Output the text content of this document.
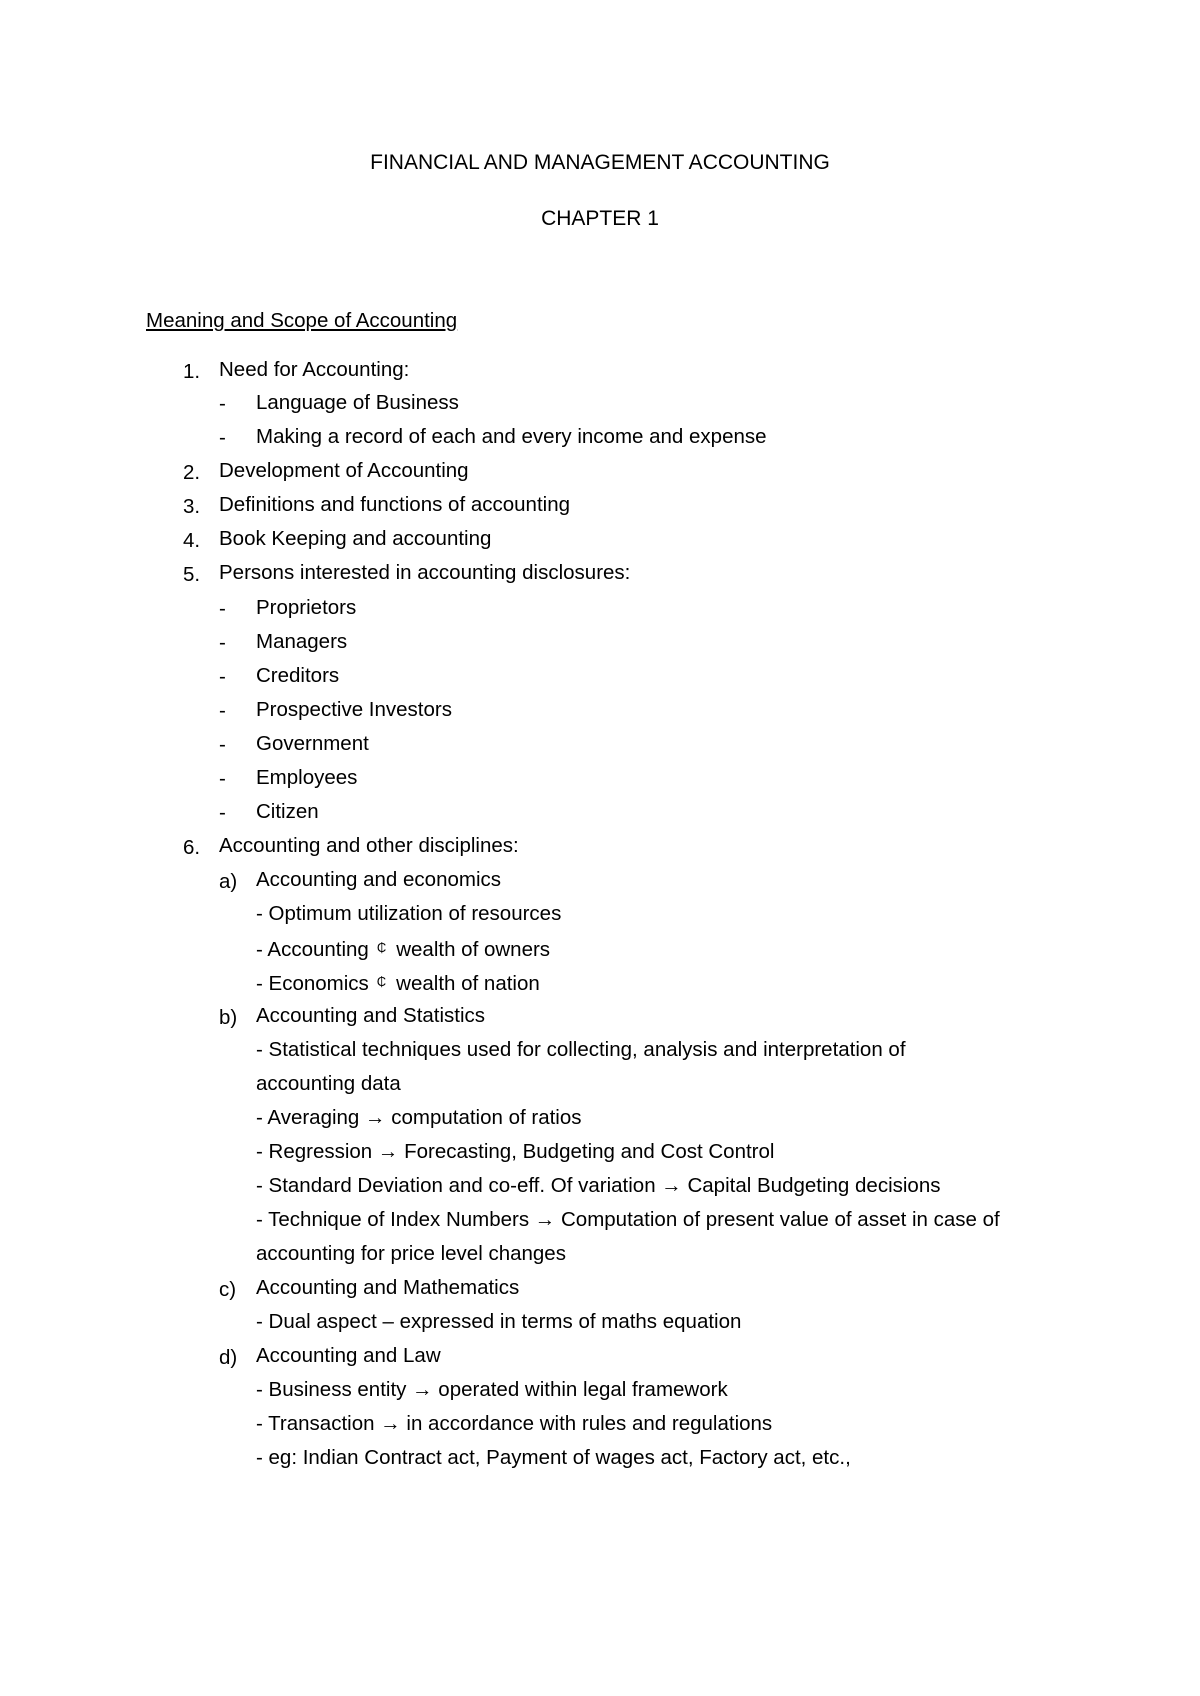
FINANCIAL AND MANAGEMENT ACCOUNTING
CHAPTER 1
Meaning and Scope of Accounting
1. Need for Accounting:
- Language of Business
- Making a record of each and every income and expense
2. Development of Accounting
3. Definitions and functions of accounting
4. Book Keeping and accounting
5. Persons interested in accounting disclosures:
- Proprietors
- Managers
- Creditors
- Prospective Investors
- Government
- Employees
- Citizen
6. Accounting and other disciplines:
a) Accounting and economics
- Optimum utilization of resources
- Accounting ₵ wealth of owners
- Economics ₵ wealth of nation
b) Accounting and Statistics
- Statistical techniques used for collecting, analysis and interpretation of
accounting data
- Averaging → computation of ratios
- Regression → Forecasting, Budgeting and Cost Control
- Standard Deviation and co-eff. Of variation → Capital Budgeting decisions
- Technique of Index Numbers → Computation of present value of asset in case of
accounting for price level changes
c) Accounting and Mathematics
- Dual aspect – expressed in terms of maths equation
d) Accounting and Law
- Business entity → operated within legal framework
- Transaction → in accordance with rules and regulations
- eg: Indian Contract act, Payment of wages act, Factory act, etc.,
